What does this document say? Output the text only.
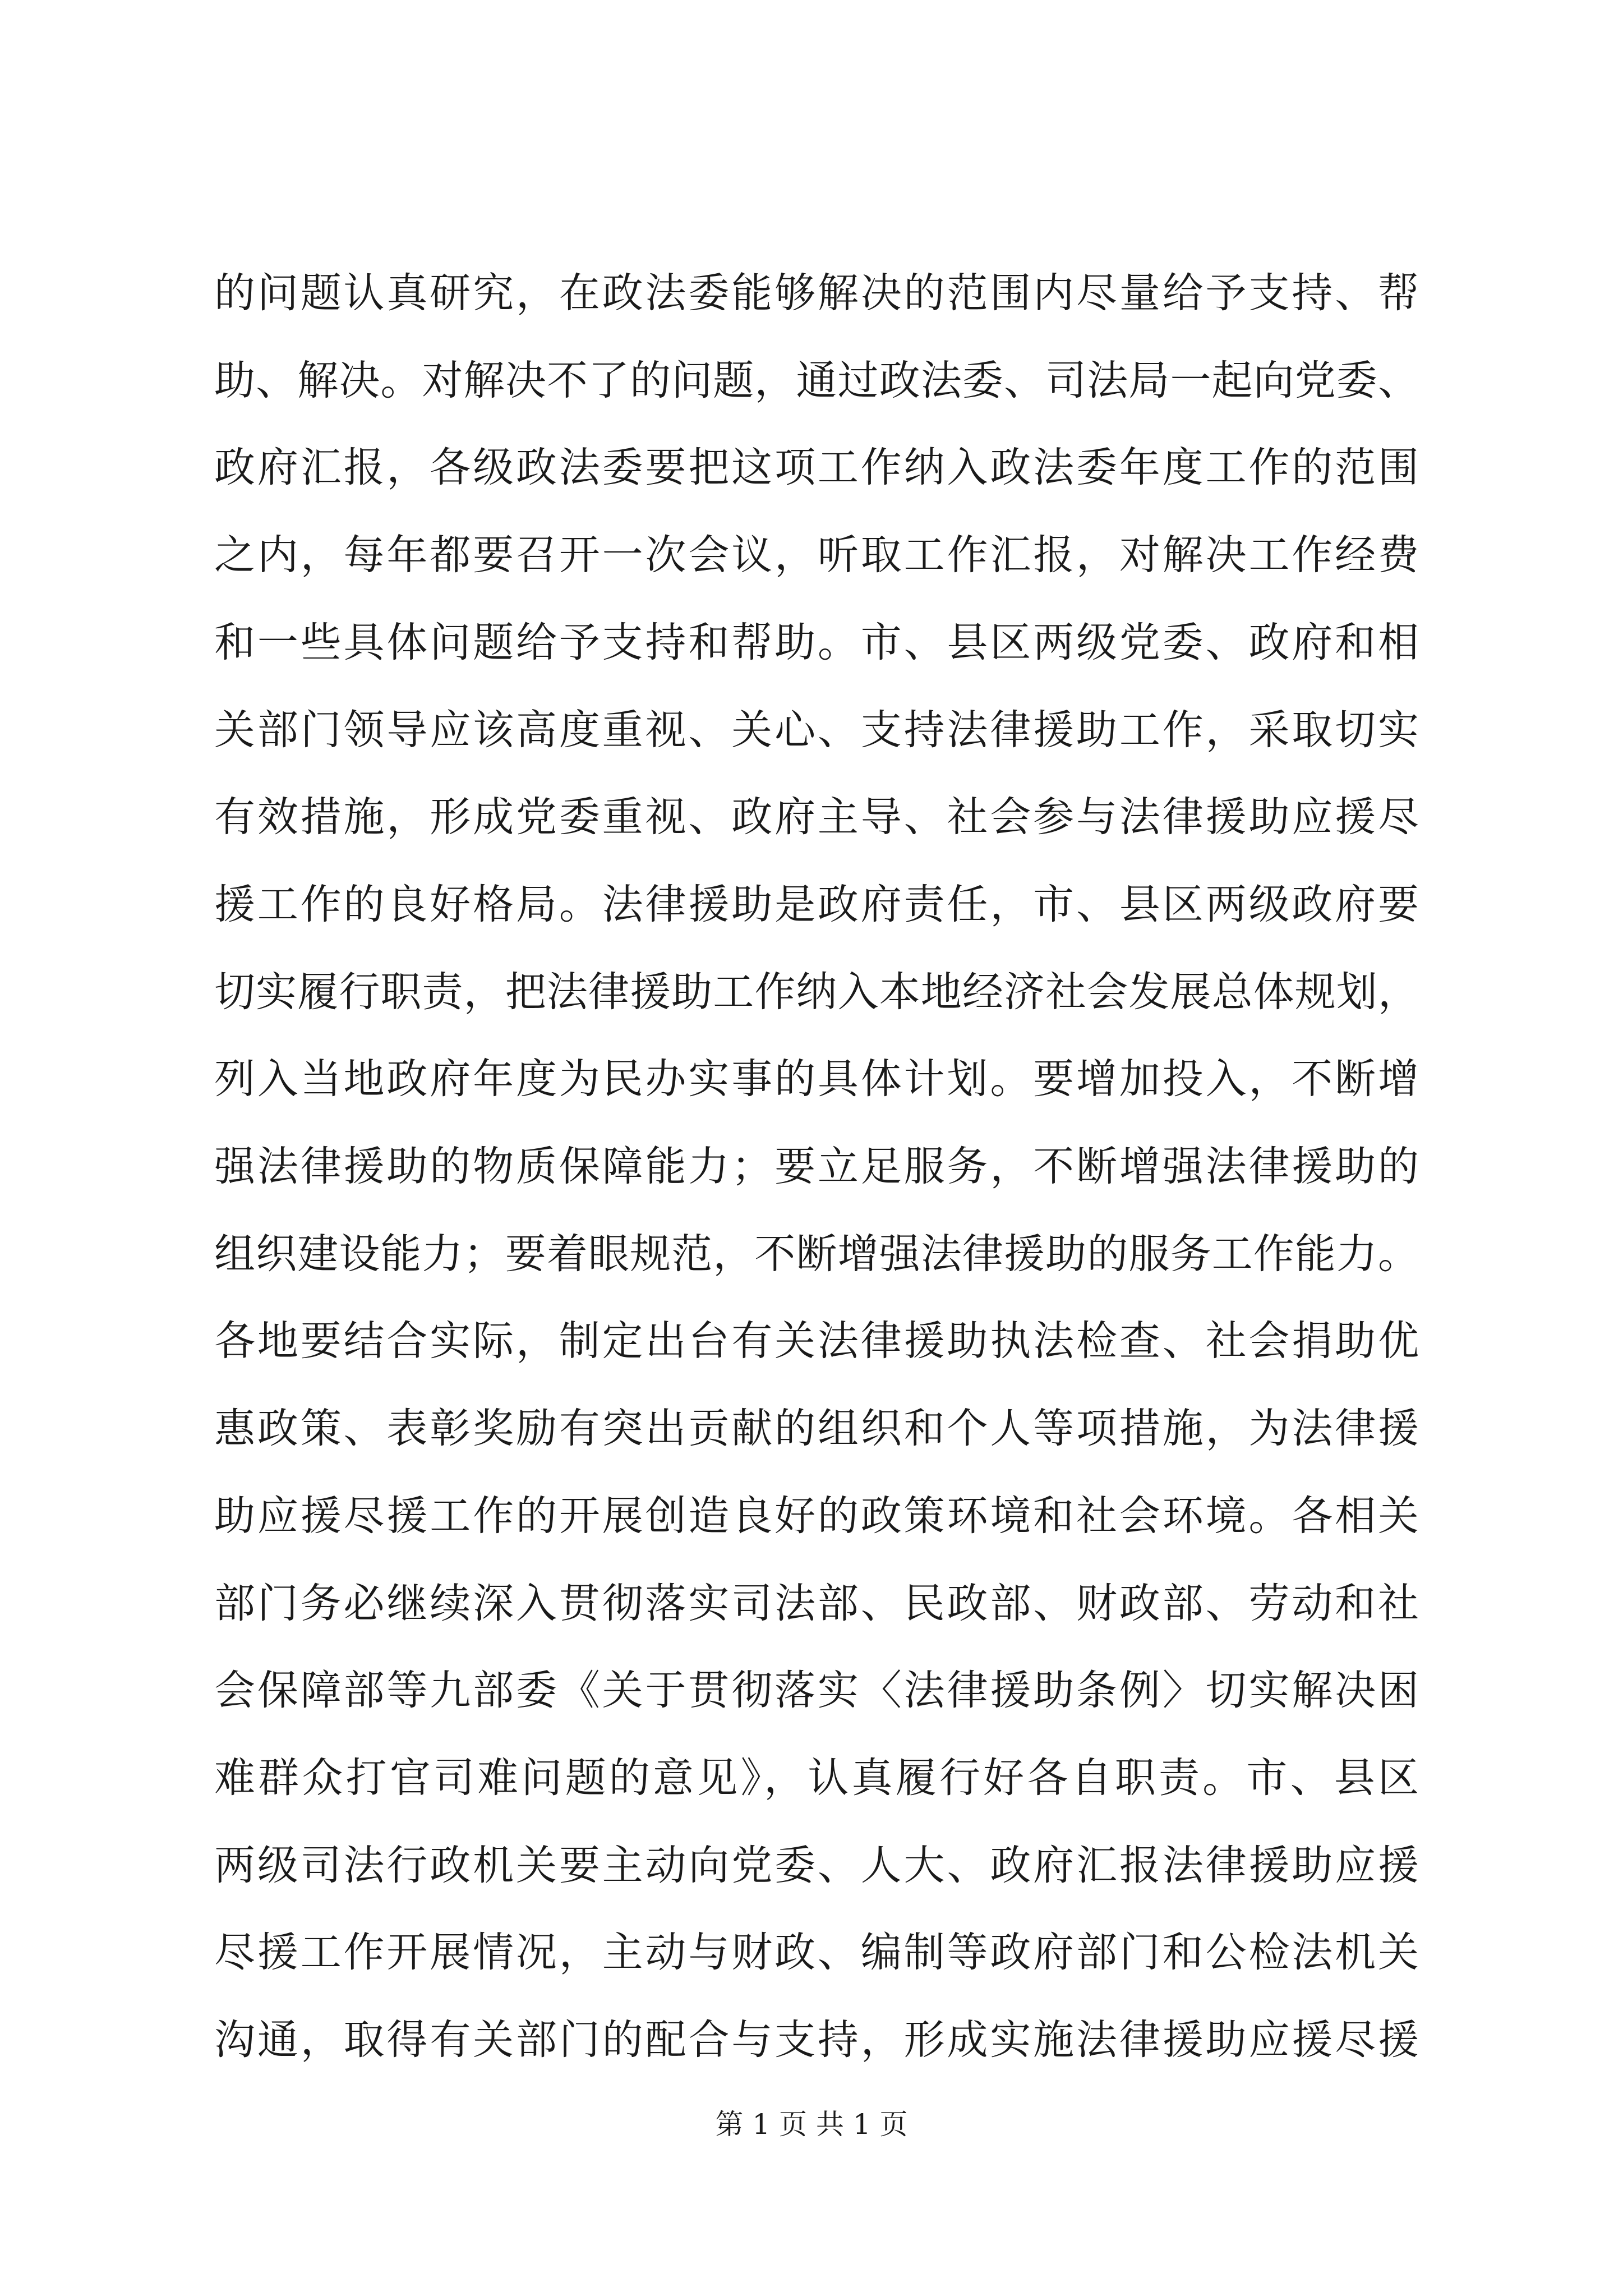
的问题认真研究，在政法委能够解决的范围内尽量给予支持、帮
助、解决。对解决不了的问题，通过政法委、司法局一起向党委、
政府汇报，各级政法委要把这项工作纳入政法委年度工作的范围
之内，每年都要召开一次会议，听取工作汇报，对解决工作经费
和一些具体问题给予支持和帮助。市、县区两级党委、政府和相
关部门领导应该高度重视、关心、支持法律援助工作，采取切实
有效措施，形成党委重视、政府主导、社会参与法律援助应援尽
援工作的良好格局。法律援助是政府责任，市、县区两级政府要
切实履行职责，把法律援助工作纳入本地经济社会发展总体规划，
列入当地政府年度为民办实事的具体计划。要增加投入，不断增
强法律援助的物质保障能力；要立足服务，不断增强法律援助的
组织建设能力；要着眼规范，不断增强法律援助的服务工作能力。
各地要结合实际，制定出台有关法律援助执法检查、社会捐助优
惠政策、表彰奖励有突出贡献的组织和个人等项措施，为法律援
助应援尽援工作的开展创造良好的政策环境和社会环境。各相关
部门务必继续深入贯彻落实司法部、民政部、财政部、劳动和社
会保障部等九部委《关于贯彻落实〈法律援助条例〉切实解决困
难群众打官司难问题的意见》，认真履行好各自职责。市、县区
两级司法行政机关要主动向党委、人大、政府汇报法律援助应援
尽援工作开展情况，主动与财政、编制等政府部门和公检法机关
沟通，取得有关部门的配合与支持，形成实施法律援助应援尽援
第 1 页 共 1 页
